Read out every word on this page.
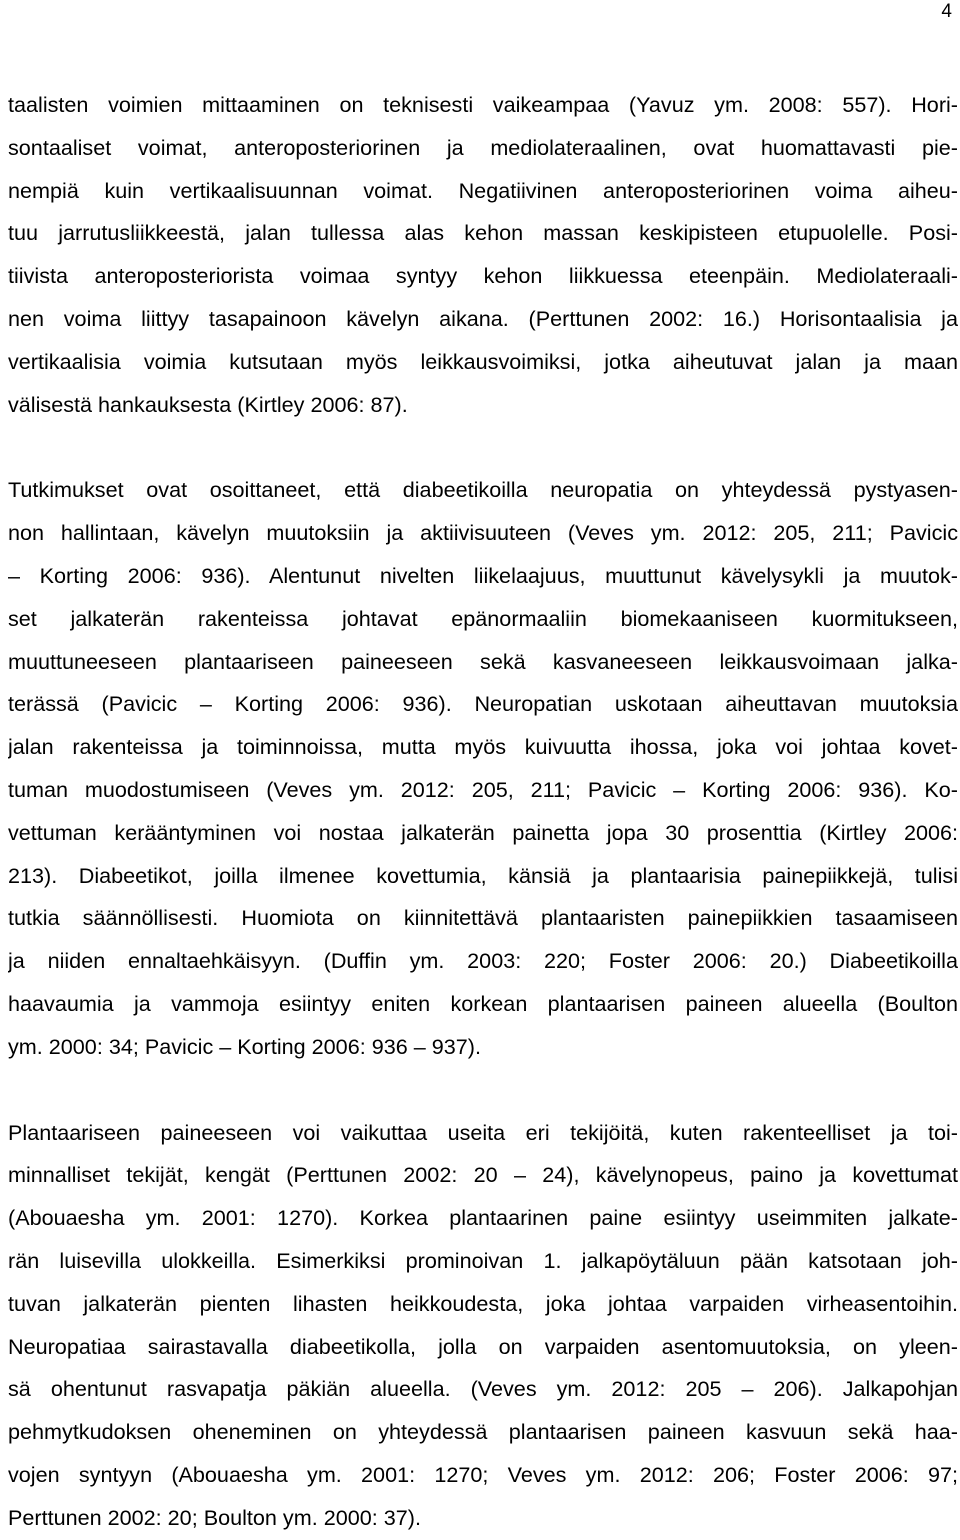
4

taalisten voimien mittaaminen on teknisesti vaikeampaa (Yavuz ym. 2008: 557). Hori-
sontaaliset voimat, anteroposteriorinen ja mediolateraalinen, ovat huomattavasti pie-
nempiä kuin vertikaalisuunnan voimat. Negatiivinen anteroposteriorinen voima aiheu-
tuu jarrutusliikkeestä, jalan tullessa alas kehon massan keskipisteen etupuolelle. Posi-
tiivista anteroposteriorista voimaa syntyy kehon liikkuessa eteenpäin. Mediolateraali-
nen voima liittyy tasapainoon kävelyn aikana. (Perttunen 2002: 16.) Horisontaalisia ja
vertikaalisia voimia kutsutaan myös leikkausvoimiksi, jotka aiheutuvat jalan ja maan
välisestä hankauksesta (Kirtley 2006: 87).

Tutkimukset ovat osoittaneet, että diabeetikoilla neuropatia on yhteydessä pystyasen-
non hallintaan, kävelyn muutoksiin ja aktiivisuuteen (Veves ym. 2012: 205, 211; Pavicic
– Korting 2006: 936). Alentunut nivelten liikelaajuus, muuttunut kävelysykli ja muutok-
set jalkaterän rakenteissa johtavat epänormaaliin biomekaaniseen kuormitukseen,
muuttuneeseen plantaariseen paineeseen sekä kasvaneeseen leikkausvoimaan jalka-
terässä (Pavicic – Korting 2006: 936). Neuropatian uskotaan aiheuttavan muutoksia
jalan rakenteissa ja toiminnoissa, mutta myös kuivuutta ihossa, joka voi johtaa kovet-
tuman muodostumiseen (Veves ym. 2012: 205, 211; Pavicic – Korting 2006: 936). Ko-
vettuman kerääntyminen voi nostaa jalkaterän painetta jopa 30 prosenttia (Kirtley 2006:
213). Diabeetikot, joilla ilmenee kovettumia, känsiä ja plantaarisia painepiikkejä, tulisi
tutkia säännöllisesti. Huomiota on kiinnitettävä plantaaristen painepiikkien tasaamiseen
ja niiden ennaltaehkäisyyn. (Duffin ym. 2003: 220; Foster 2006: 20.) Diabeetikoilla
haavaumia ja vammoja esiintyy eniten korkean plantaarisen paineen alueella (Boulton
ym. 2000: 34; Pavicic – Korting 2006: 936 – 937).

Plantaariseen paineeseen voi vaikuttaa useita eri tekijöitä, kuten rakenteelliset ja toi-
minnalliset tekijät, kengät (Perttunen 2002: 20 – 24), kävelynopeus, paino ja kovettumat
(Abouaesha ym. 2001: 1270). Korkea plantaarinen paine esiintyy useimmiten jalkate-
rän luisevilla ulokkeilla. Esimerkiksi prominoivan 1. jalkapöytäluun pään katsotaan joh-
tuvan jalkaterän pienten lihasten heikkoudesta, joka johtaa varpaiden virheasentoihin.
Neuropatiaa sairastavalla diabeetikolla, jolla on varpaiden asentomuutoksia, on yleen-
sä ohentunut rasvapatja päkiän alueella. (Veves ym. 2012: 205 – 206). Jalkapohjan
pehmytkudoksen oheneminen on yhteydessä plantaarisen paineen kasvuun sekä haa-
vojen syntyyn (Abouaesha ym. 2001: 1270; Veves ym. 2012: 206; Foster 2006: 97;
Perttunen 2002: 20; Boulton ym. 2000: 37).
